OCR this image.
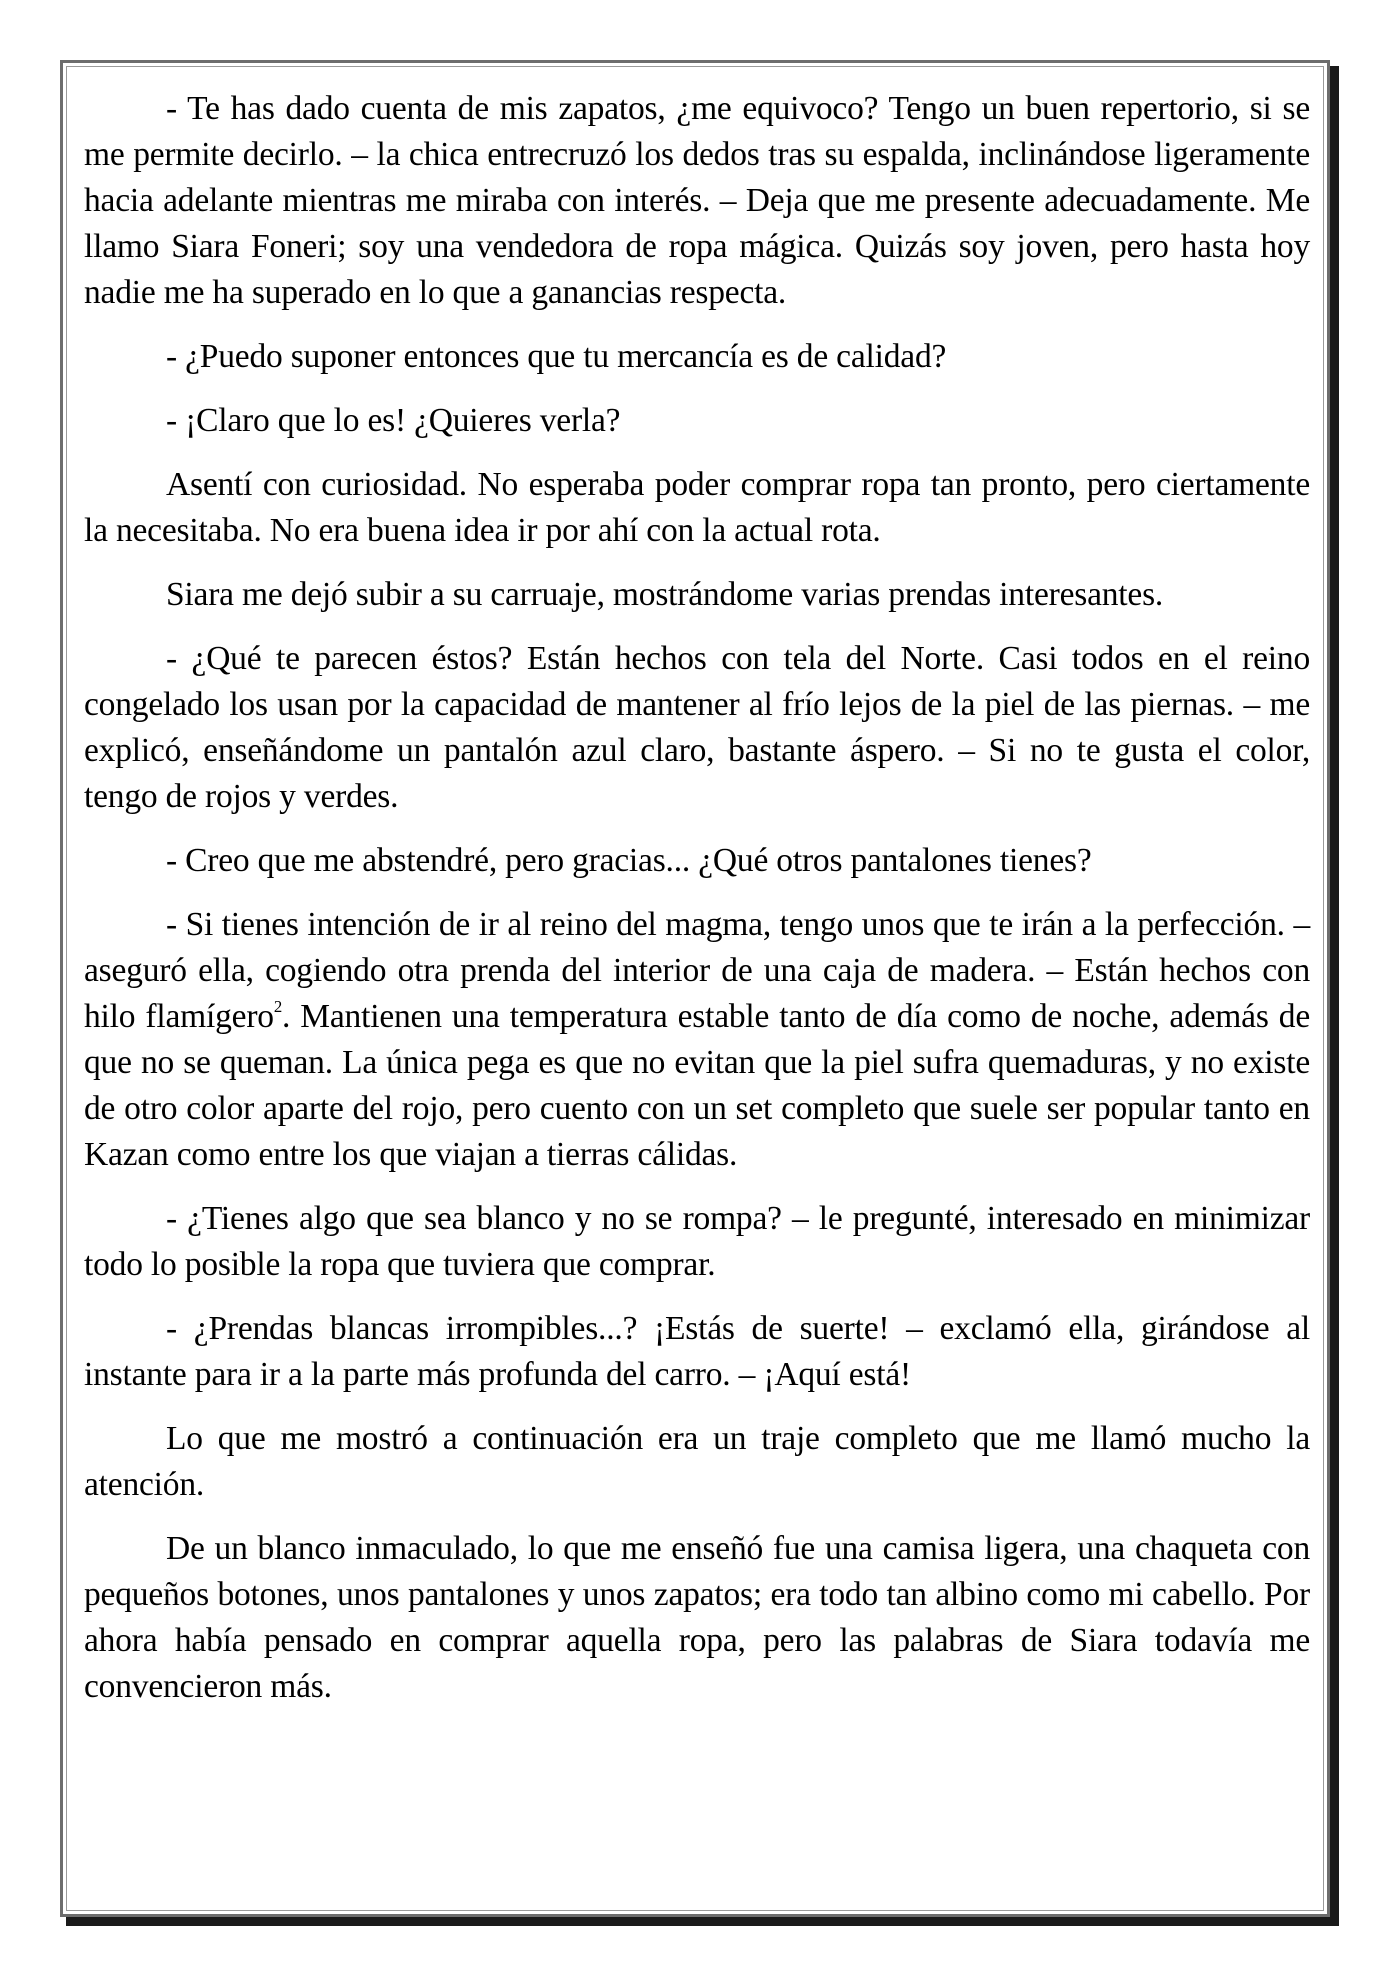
- Te has dado cuenta de mis zapatos, ¿me equivoco? Tengo un buen repertorio, si se me permite decirlo. – la chica entrecruzó los dedos tras su espalda, inclinándose ligeramente hacia adelante mientras me miraba con interés. – Deja que me presente adecuadamente. Me llamo Siara Foneri; soy una vendedora de ropa mágica. Quizás soy joven, pero hasta hoy nadie me ha superado en lo que a ganancias respecta.

- ¿Puedo suponer entonces que tu mercancía es de calidad?

- ¡Claro que lo es! ¿Quieres verla?

Asentí con curiosidad. No esperaba poder comprar ropa tan pronto, pero ciertamente la necesitaba. No era buena idea ir por ahí con la actual rota.

Siara me dejó subir a su carruaje, mostrándome varias prendas interesantes.

- ¿Qué te parecen éstos? Están hechos con tela del Norte. Casi todos en el reino congelado los usan por la capacidad de mantener al frío lejos de la piel de las piernas. – me explicó, enseñándome un pantalón azul claro, bastante áspero. – Si no te gusta el color, tengo de rojos y verdes.

- Creo que me abstendré, pero gracias... ¿Qué otros pantalones tienes?

- Si tienes intención de ir al reino del magma, tengo unos que te irán a la perfección. – aseguró ella, cogiendo otra prenda del interior de una caja de madera. – Están hechos con hilo flamígero$^2$. Mantienen una temperatura estable tanto de día como de noche, además de que no se queman. La única pega es que no evitan que la piel sufra quemaduras, y no existe de otro color aparte del rojo, pero cuento con un set completo que suele ser popular tanto en Kazan como entre los que viajan a tierras cálidas.

- ¿Tienes algo que sea blanco y no se rompa? – le pregunté, interesado en minimizar todo lo posible la ropa que tuviera que comprar.

- ¿Prendas blancas irrompibles...? ¡Estás de suerte! – exclamó ella, girándose al instante para ir a la parte más profunda del carro. – ¡Aquí está!

Lo que me mostró a continuación era un traje completo que me llamó mucho la atención.

De un blanco inmaculado, lo que me enseñó fue una camisa ligera, una chaqueta con pequeños botones, unos pantalones y unos zapatos; era todo tan albino como mi cabello. Por ahora había pensado en comprar aquella ropa, pero las palabras de Siara todavía me convencieron más.
